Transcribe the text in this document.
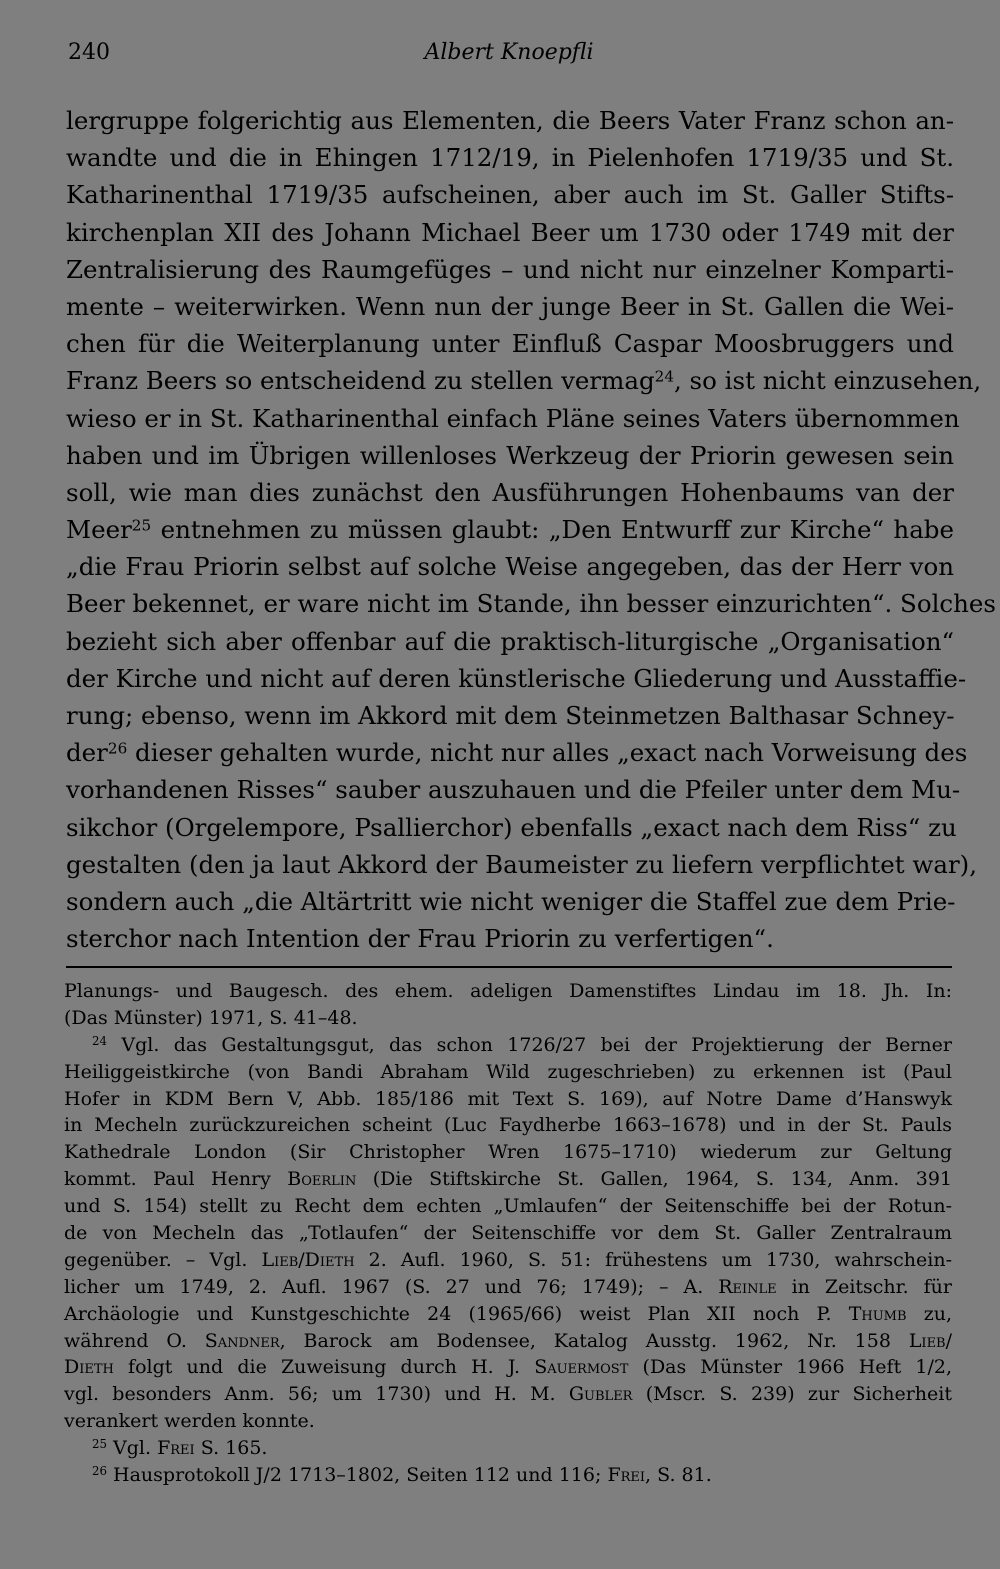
240	Albert Knoepfli
lergruppe folgerichtig aus Elementen, die Beers Vater Franz schon an-
wandte und die in Ehingen 1712/19, in Pielenhofen 1719/35 und St.
Katharinenthal 1719/35 aufscheinen, aber auch im St. Galler Stifts-
kirchenplan XII des Johann Michael Beer um 1730 oder 1749 mit der
Zentralisierung des Raumgefüges – und nicht nur einzelner Komparti-
mente – weiterwirken. Wenn nun der junge Beer in St. Gallen die Wei-
chen für die Weiterplanung unter Einfluß Caspar Moosbruggers und
Franz Beers so entscheidend zu stellen vermag$^{24}$, so ist nicht einzusehen,
wieso er in St. Katharinenthal einfach Pläne seines Vaters übernommen
haben und im Übrigen willenloses Werkzeug der Priorin gewesen sein
soll, wie man dies zunächst den Ausführungen Hohenbaums van der
Meer$^{25}$ entnehmen zu müssen glaubt: „Den Entwurff zur Kirche“ habe
„die Frau Priorin selbst auf solche Weise angegeben, das der Herr von
Beer bekennet, er ware nicht im Stande, ihn besser einzurichten“. Solches
bezieht sich aber offenbar auf die praktisch-liturgische „Organisation“
der Kirche und nicht auf deren künstlerische Gliederung und Ausstaffie-
rung; ebenso, wenn im Akkord mit dem Steinmetzen Balthasar Schney-
der$^{26}$ dieser gehalten wurde, nicht nur alles „exact nach Vorweisung des
vorhandenen Risses“ sauber auszuhauen und die Pfeiler unter dem Mu-
sikchor (Orgelempore, Psallierchor) ebenfalls „exact nach dem Riss“ zu
gestalten (den ja laut Akkord der Baumeister zu liefern verpflichtet war),
sondern auch „die Altärtritt wie nicht weniger die Staffel zue dem Prie-
sterchor nach Intention der Frau Priorin zu verfertigen“.
Planungs- und Baugesch. des ehem. adeligen Damenstiftes Lindau im 18. Jh. In:
(Das Münster) 1971, S. 41–48.
$^{24}$ Vgl. das Gestaltungsgut, das schon 1726/27 bei der Projektierung der Berner
Heiliggeistkirche (von Bandi Abraham Wild zugeschrieben) zu erkennen ist (Paul
Hofer in KDM Bern V, Abb. 185/186 mit Text S. 169), auf Notre Dame d’Hanswyk
in Mecheln zurückzureichen scheint (Luc Faydherbe 1663–1678) und in der St. Pauls
Kathedrale London (Sir Christopher Wren 1675–1710) wiederum zur Geltung
kommt. Paul Henry Boerlin (Die Stiftskirche St. Gallen, 1964, S. 134, Anm. 391
und S. 154) stellt zu Recht dem echten „Umlaufen“ der Seitenschiffe bei der Rotun-
de von Mecheln das „Totlaufen“ der Seitenschiffe vor dem St. Galler Zentralraum
gegenüber. – Vgl. Lieb/Dieth 2. Aufl. 1960, S. 51: frühestens um 1730, wahrschein-
licher um 1749, 2. Aufl. 1967 (S. 27 und 76; 1749); – A. Reinle in Zeitschr. für
Archäologie und Kunstgeschichte 24 (1965/66) weist Plan XII noch P. Thumb zu,
während O. Sandner, Barock am Bodensee, Katalog Ausstg. 1962, Nr. 158 Lieb/
Dieth folgt und die Zuweisung durch H. J. Sauermost (Das Münster 1966 Heft 1/2,
vgl. besonders Anm. 56; um 1730) und H. M. Gubler (Mscr. S. 239) zur Sicherheit
verankert werden konnte.
$^{25}$ Vgl. Frei S. 165.
$^{26}$ Hausprotokoll J/2 1713–1802, Seiten 112 und 116; Frei, S. 81.
